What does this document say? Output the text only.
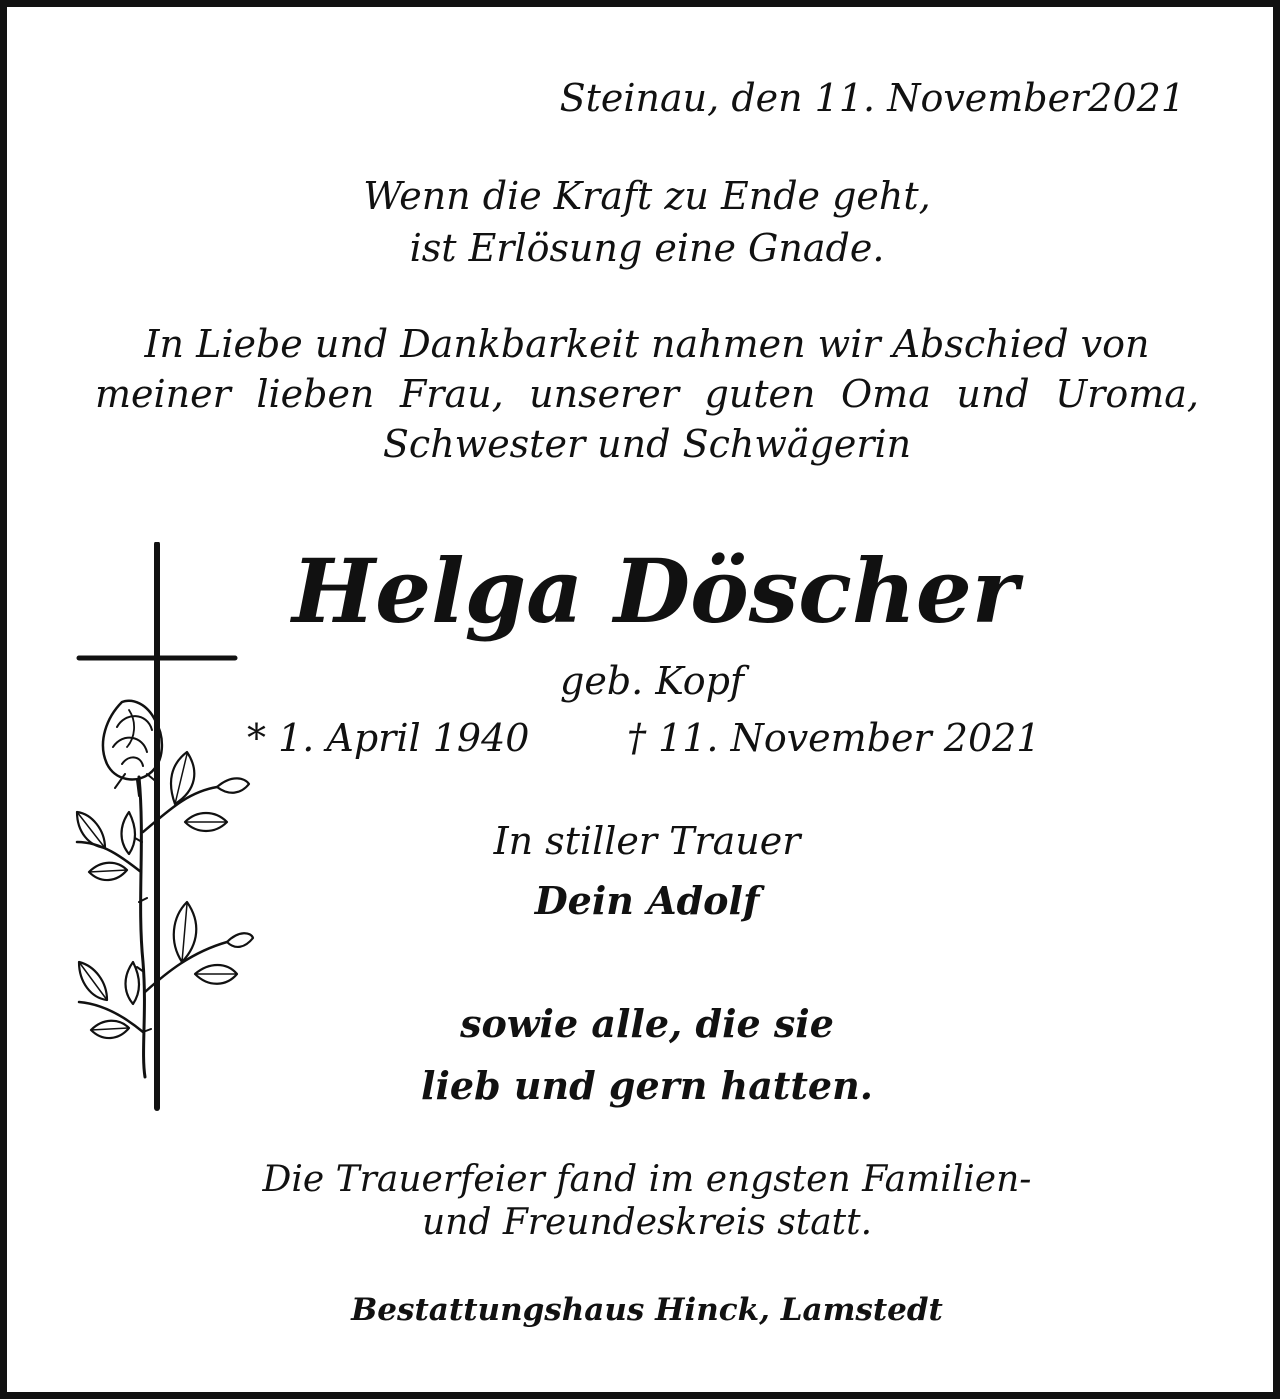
Steinau, den 11. November2021
Wenn die Kraft zu Ende geht,
ist Erlösung eine Gnade.
In Liebe und Dankbarkeit nahmen wir Abschied von
meiner lieben Frau, unserer guten Oma und Uroma,
Schwester und Schwägerin
Helga Döscher
geb. Kopf
* 1. April 1940	† 11. November 2021
In stiller Trauer
Dein Adolf
sowie alle, die sie
lieb und gern hatten.
Die Trauerfeier fand im engsten Familien-
und Freundeskreis statt.
Bestattungshaus Hinck, Lamstedt
